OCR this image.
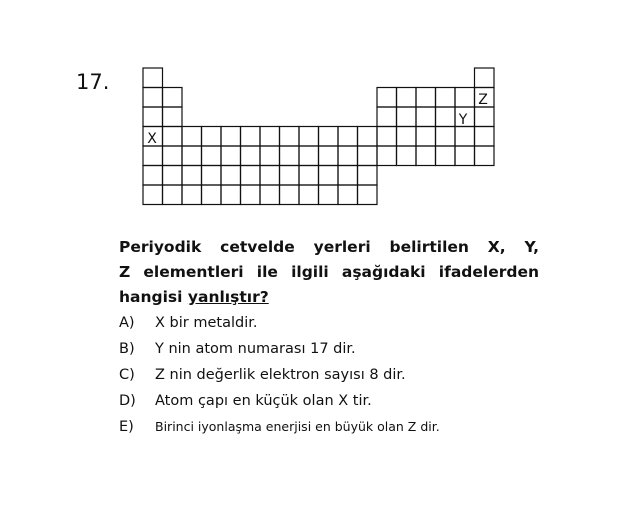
17.
X
Y
Z
Periyodik cetvelde yerleri belirtilen X, Y,
Z elementleri ile ilgili aşağıdaki ifadelerden
hangisi yanlıştır?
A) X bir metaldir.
B) Y nin atom numarası 17 dir.
C) Z nin değerlik elektron sayısı 8 dir.
D) Atom çapı en küçük olan X tir.
E) Birinci iyonlaşma enerjisi en büyük olan Z dir.
